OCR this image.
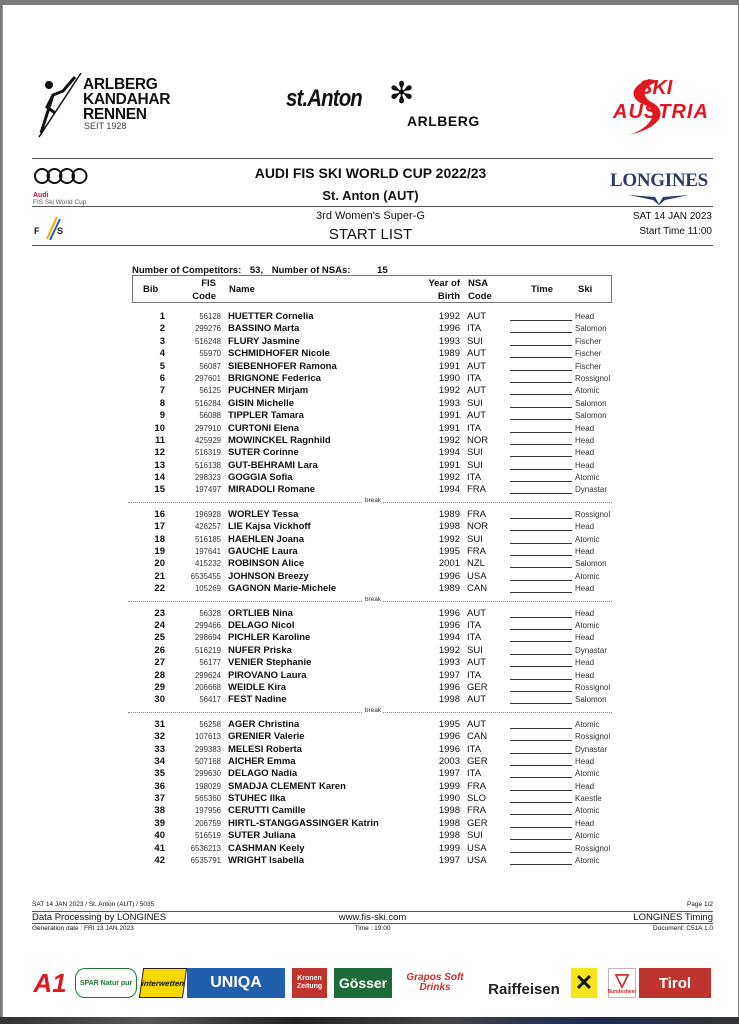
ARLBERG
KANDAHAR
RENNEN
SEIT 1928
st.Anton ✻
ARLBERG
SKI
AUSTRIA
Audi
FIS Ski World Cup
F S
AUDI FIS SKI WORLD CUP 2022/23
St. Anton (AUT)
3rd Women's Super-G
START LIST
LONGINES
SAT 14 JAN 2023
Start Time 11:00
Number of Competitors: 53, Number of NSAs:	15
Bib
FIS
Code
Name
Year of
Birth
NSA
Code
Time	Ski
1	56128 HUETTER Cornelia	1992 AUT	Head
2	299276 BASSINO Marta	1996 ITA	Salomon
3	516248 FLURY Jasmine	1993 SUI	Fischer
4	55970 SCHMIDHOFER Nicole	1989 AUT	Fischer
5	56087 SIEBENHOFER Ramona	1991 AUT	Fischer
6	297601 BRIGNONE Federica	1990 ITA	Rossignol
7	56125 PUCHNER Mirjam	1992 AUT	Atomic
8	516284 GISIN Michelle	1993 SUI	Salomon
9	56088 TIPPLER Tamara	1991 AUT	Salomon
10	297910 CURTONI Elena	1991 ITA	Head
11	425929 MOWINCKEL Ragnhild	1992 NOR	Head
12	516319 SUTER Corinne	1994 SUI	Head
13	516138 GUT-BEHRAMI Lara	1991 SUI	Head
14	298323 GOGGIA Sofia	1992 ITA	Atomic
15	197497 MIRADOLI Romane	1994 FRA	Dynastar
break
16	196928 WORLEY Tessa	1989 FRA	Rossignol
17	426257 LIE Kajsa Vickhoff	1998 NOR	Head
18	516185 HAEHLEN Joana	1992 SUI	Atomic
19	197641 GAUCHE Laura	1995 FRA	Head
20	415232 ROBINSON Alice	2001 NZL	Salomon
21	6535455 JOHNSON Breezy	1996 USA	Atomic
22	105269 GAGNON Marie-Michele	1989 CAN	Head
break
23	56328 ORTLIEB Nina	1996 AUT	Head
24	299466 DELAGO Nicol	1996 ITA	Atomic
25	298694 PICHLER Karoline	1994 ITA	Head
26	516219 NUFER Priska	1992 SUI	Dynastar
27	56177 VENIER Stephanie	1993 AUT	Head
28	299624 PIROVANO Laura	1997 ITA	Head
29	206668 WEIDLE Kira	1996 GER	Rossignol
30	56417 FEST Nadine	1998 AUT	Salomon
break
31	56258 AGER Christina	1995 AUT	Atomic
32	107613 GRENIER Valerie	1996 CAN	Rossignol
33	299383 MELESI Roberta	1996 ITA	Dynastar
34	507168 AICHER Emma	2003 GER	Head
35	299630 DELAGO Nadia	1997 ITA	Atomic
36	198029 SMADJA CLEMENT Karen	1999 FRA	Head
37	565360 STUHEC Ilka	1990 SLO	Kaestle
38	197956 CERUTTI Camille	1998 FRA	Atomic
39	206759 HIRTL-STANGGASSINGER Katrin	1998 GER	Head
40	516519 SUTER Juliana	1998 SUI	Atomic
41	6536213 CASHMAN Keely	1999 USA	Rossignol
42	6535791 WRIGHT Isabella	1997 USA	Atomic
SAT 14 JAN 2023 / St. Anton (AUT) / 5035	Page 1/2
Data Processing by LONGINES	www.fis-ski.com	LONGINES Timing
Generation date : FRI 13 JAN 2023	Time : 19:00	Document: C51A 1.0
A1	SPAR Natur pur	interwetten	UNIQA	Kronen Zeitung	Gösser	Grapos Soft Drinks	Raiffeisen ✕ ▽
Bundesheer
Tirol
